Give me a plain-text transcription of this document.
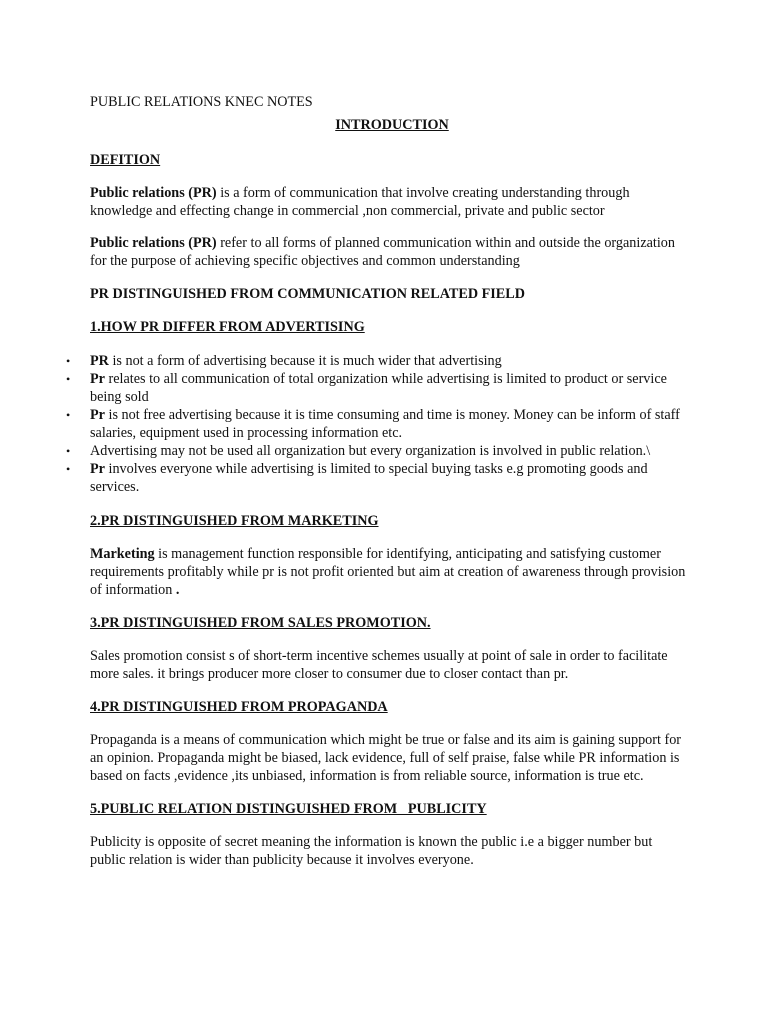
PUBLIC RELATIONS KNEC NOTES

INTRODUCTION
DEFITION

Public relations (PR) is a form of communication that involve creating understanding through knowledge and effecting change in commercial ,non commercial, private and public sector

Public relations (PR) refer to all forms of planned communication within and outside the organization for the purpose of achieving specific objectives and common understanding

PR DISTINGUISHED FROM COMMUNICATION RELATED FIELD
1.HOW PR DIFFER FROM ADVERTISING
• PR is not a form of advertising because it is much wider that advertising
• Pr relates to all communication of total organization while advertising is limited to product or service being sold
• Pr is not free advertising because it is time consuming and time is money. Money can be inform of staff salaries, equipment used in processing information etc.
• Advertising may not be used all organization but every organization is involved in public relation.\
• Pr involves everyone while advertising is limited to special buying tasks e.g promoting goods and services.
2.PR DISTINGUISHED FROM MARKETING

Marketing is management function responsible for identifying, anticipating and satisfying customer requirements profitably while pr is not profit oriented but aim at creation of awareness through provision of information .

3.PR DISTINGUISHED FROM SALES PROMOTION.

Sales promotion consist s of short-term incentive schemes usually at point of sale in order to facilitate more sales. it brings producer more closer to consumer due to closer contact than pr.

4.PR DISTINGUISHED FROM PROPAGANDA

Propaganda is a means of communication which might be true or false and its aim is gaining support for an opinion. Propaganda might be biased, lack evidence, full of self praise, false while PR information is based on facts ,evidence ,its unbiased, information is from reliable source, information is true etc.

5.PUBLIC RELATION DISTINGUISHED FROM   PUBLICITY

Publicity is opposite of secret meaning the information is known the public i.e a bigger number but public relation is wider than publicity because it involves everyone.
